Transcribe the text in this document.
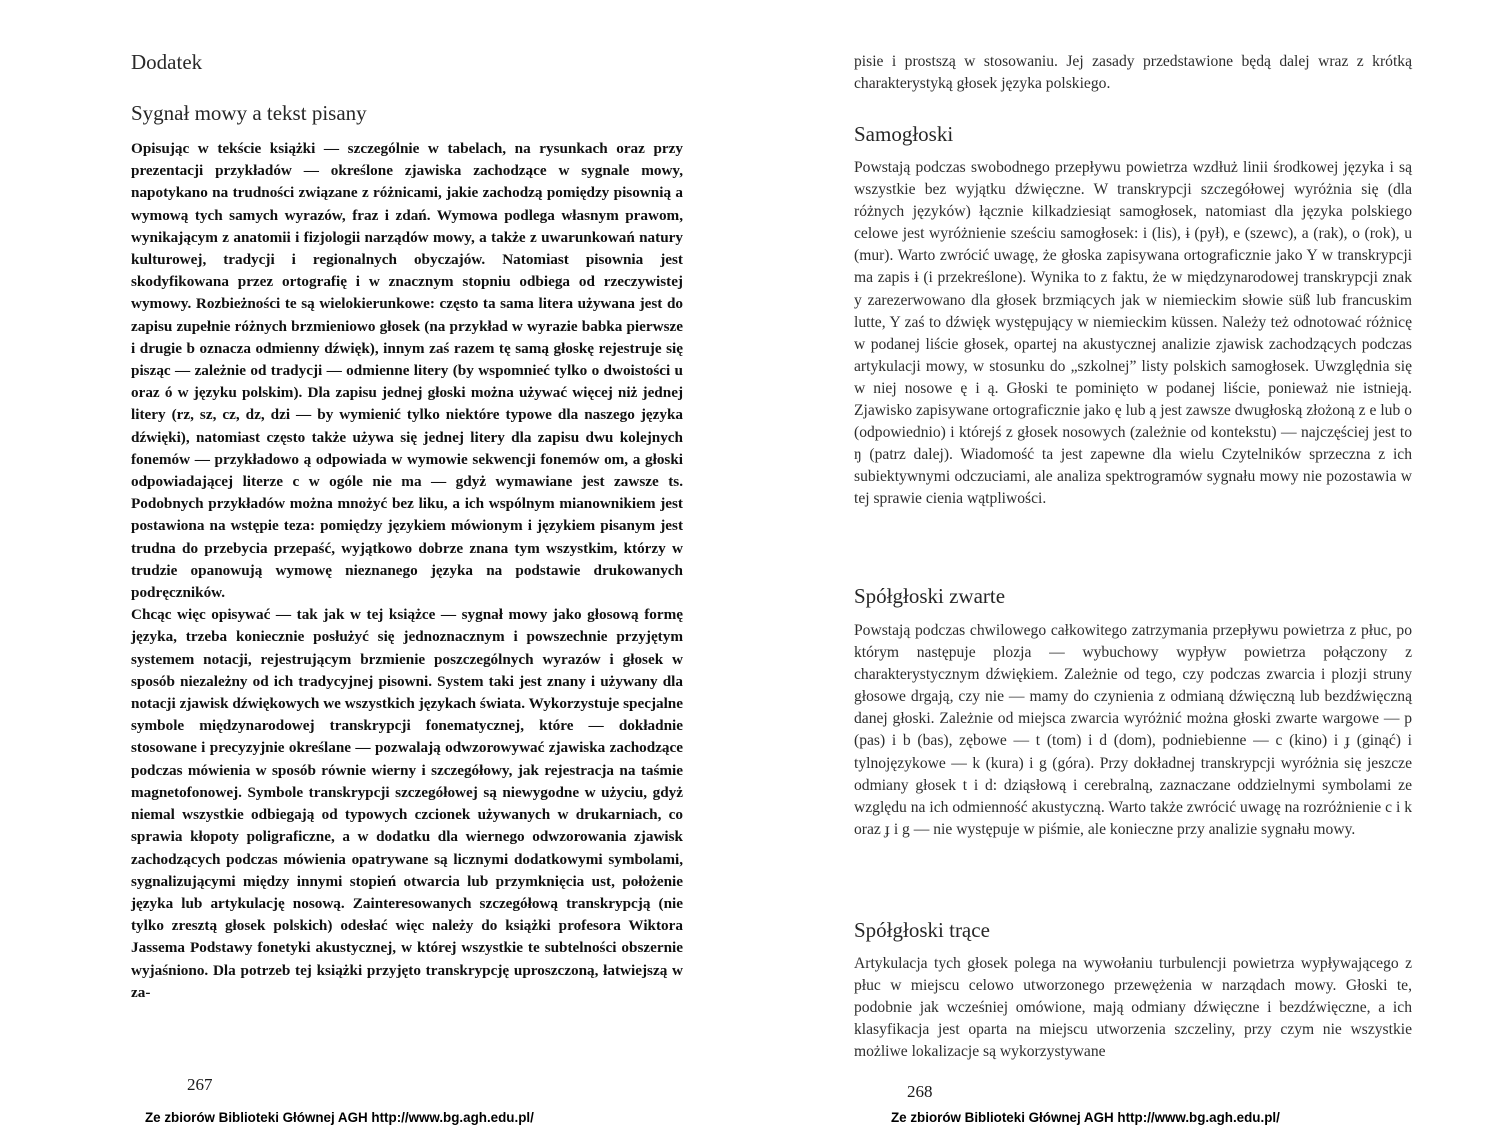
Dodatek
Sygnał mowy a tekst pisany

Opisując w tekście książki — szczególnie w tabelach, na rysunkach oraz przy prezentacji przykładów — określone zjawiska zachodzące w sygnale mowy, napotykano na trudności związane z różnicami, jakie zachodzą pomiędzy pisownią a wymową tych samych wyrazów, fraz i zdań. Wymowa podlega własnym prawom, wynikającym z anatomii i fizjologii narządów mowy, a także z uwarunkowań natury kulturowej, tradycji i regionalnych obyczajów. Natomiast pisownia jest skodyfikowana przez ortografię i w znacznym stopniu odbiega od rzeczywistej wymowy. Rozbieżności te są wielokierunkowe: często ta sama litera używana jest do zapisu zupełnie różnych brzmieniowo głosek (na przykład w wyrazie babka pierwsze i drugie b oznacza odmienny dźwięk), innym zaś razem tę samą głoskę rejestruje się pisząc — zależnie od tradycji — odmienne litery (by wspomnieć tylko o dwoistości u oraz ó w języku polskim). Dla zapisu jednej głoski można używać więcej niż jednej litery (rz, sz, cz, dz, dzi — by wymienić tylko niektóre typowe dla naszego języka dźwięki), natomiast często także używa się jednej litery dla zapisu dwu kolejnych fonemów — przykładowo ą odpowiada w wymowie sekwencji fonemów om, a głoski odpowiadającej literze c w ogóle nie ma — gdyż wymawiane jest zawsze ts. Podobnych przykładów można mnożyć bez liku, a ich wspólnym mianownikiem jest postawiona na wstępie teza: pomiędzy językiem mówionym i językiem pisanym jest trudna do przebycia przepaść, wyjątkowo dobrze znana tym wszystkim, którzy w trudzie opanowują wymowę nieznanego języka na podstawie drukowanych podręczników.

Chcąc więc opisywać — tak jak w tej książce — sygnał mowy jako głosową formę języka, trzeba koniecznie posłużyć się jednoznacznym i powszechnie przyjętym systemem notacji, rejestrującym brzmienie poszczególnych wyrazów i głosek w sposób niezależny od ich tradycyjnej pisowni. System taki jest znany i używany dla notacji zjawisk dźwiękowych we wszystkich językach świata. Wykorzystuje specjalne symbole międzynarodowej transkrypcji fonematycznej, które — dokładnie stosowane i precyzyjnie określane — pozwalają odwzorowywać zjawiska zachodzące podczas mówienia w sposób równie wierny i szczegółowy, jak rejestracja na taśmie magnetofonowej. Symbole transkrypcji szczegółowej są niewygodne w użyciu, gdyż niemal wszystkie odbiegają od typowych czcionek używanych w drukarniach, co sprawia kłopoty poligraficzne, a w dodatku dla wiernego odwzorowania zjawisk zachodzących podczas mówienia opatrywane są licznymi dodatkowymi symbolami, sygnalizującymi między innymi stopień otwarcia lub przymknięcia ust, położenie języka lub artykulację nosową. Zainteresowanych szczegółową transkrypcją (nie tylko zresztą głosek polskich) odesłać więc należy do książki profesora Wiktora Jassema Podstawy fonetyki akustycznej, w której wszystkie te subtelności obszernie wyjaśniono. Dla potrzeb tej książki przyjęto transkrypcję uproszczoną, łatwiejszą w za-

267

Ze zbiorów Biblioteki Głównej AGH http://www.bg.agh.edu.pl/

pisie i prostszą w stosowaniu. Jej zasady przedstawione będą dalej wraz z krótką charakterystyką głosek języka polskiego.

Samogłoski

Powstają podczas swobodnego przepływu powietrza wzdłuż linii środkowej języka i są wszystkie bez wyjątku dźwięczne. W transkrypcji szczegółowej wyróżnia się (dla różnych języków) łącznie kilkadziesiąt samogłosek, natomiast dla języka polskiego celowe jest wyróżnienie sześciu samogłosek: i (lis), ɨ (pył), e (szewc), a (rak), o (rok), u (mur). Warto zwrócić uwagę, że głoska zapisywana ortograficznie jako Y w transkrypcji ma zapis ɨ (i przekreślone). Wynika to z faktu, że w międzynarodowej transkrypcji znak y zarezerwowano dla głosek brzmiących jak w niemieckim słowie süß lub francuskim lutte, Y zaś to dźwięk występujący w niemieckim küssen. Należy też odnotować różnicę w podanej liście głosek, opartej na akustycznej analizie zjawisk zachodzących podczas artykulacji mowy, w stosunku do „szkolnej” listy polskich samogłosek. Uwzględnia się w niej nosowe ę i ą. Głoski te pominięto w podanej liście, ponieważ nie istnieją. Zjawisko zapisywane ortograficznie jako ę lub ą jest zawsze dwugłoską złożoną z e lub o (odpowiednio) i którejś z głosek nosowych (zależnie od kontekstu) — najczęściej jest to ŋ (patrz dalej). Wiadomość ta jest zapewne dla wielu Czytelników sprzeczna z ich subiektywnymi odczuciami, ale analiza spektrogramów sygnału mowy nie pozostawia w tej sprawie cienia wątpliwości.

Spółgłoski zwarte

Powstają podczas chwilowego całkowitego zatrzymania przepływu powietrza z płuc, po którym następuje plozja — wybuchowy wypływ powietrza połączony z charakterystycznym dźwiękiem. Zależnie od tego, czy podczas zwarcia i plozji struny głosowe drgają, czy nie — mamy do czynienia z odmianą dźwięczną lub bezdźwięczną danej głoski. Zależnie od miejsca zwarcia wyróżnić można głoski zwarte wargowe — p (pas) i b (bas), zębowe — t (tom) i d (dom), podniebienne — c (kino) i ɟ (ginąć) i tylnojęzykowe — k (kura) i g (góra). Przy dokładnej transkrypcji wyróżnia się jeszcze odmiany głosek t i d: dziąsłową i cerebralną, zaznaczane oddzielnymi symbolami ze względu na ich odmienność akustyczną. Warto także zwrócić uwagę na rozróżnienie c i k oraz ɟ i g — nie występuje w piśmie, ale konieczne przy analizie sygnału mowy.

Spółgłoski trące

Artykulacja tych głosek polega na wywołaniu turbulencji powietrza wypływającego z płuc w miejscu celowo utworzonego przewężenia w narządach mowy. Głoski te, podobnie jak wcześniej omówione, mają odmiany dźwięczne i bezdźwięczne, a ich klasyfikacja jest oparta na miejscu utworzenia szczeliny, przy czym nie wszystkie możliwe lokalizacje są wykorzystywane

268

Ze zbiorów Biblioteki Głównej AGH http://www.bg.agh.edu.pl/
